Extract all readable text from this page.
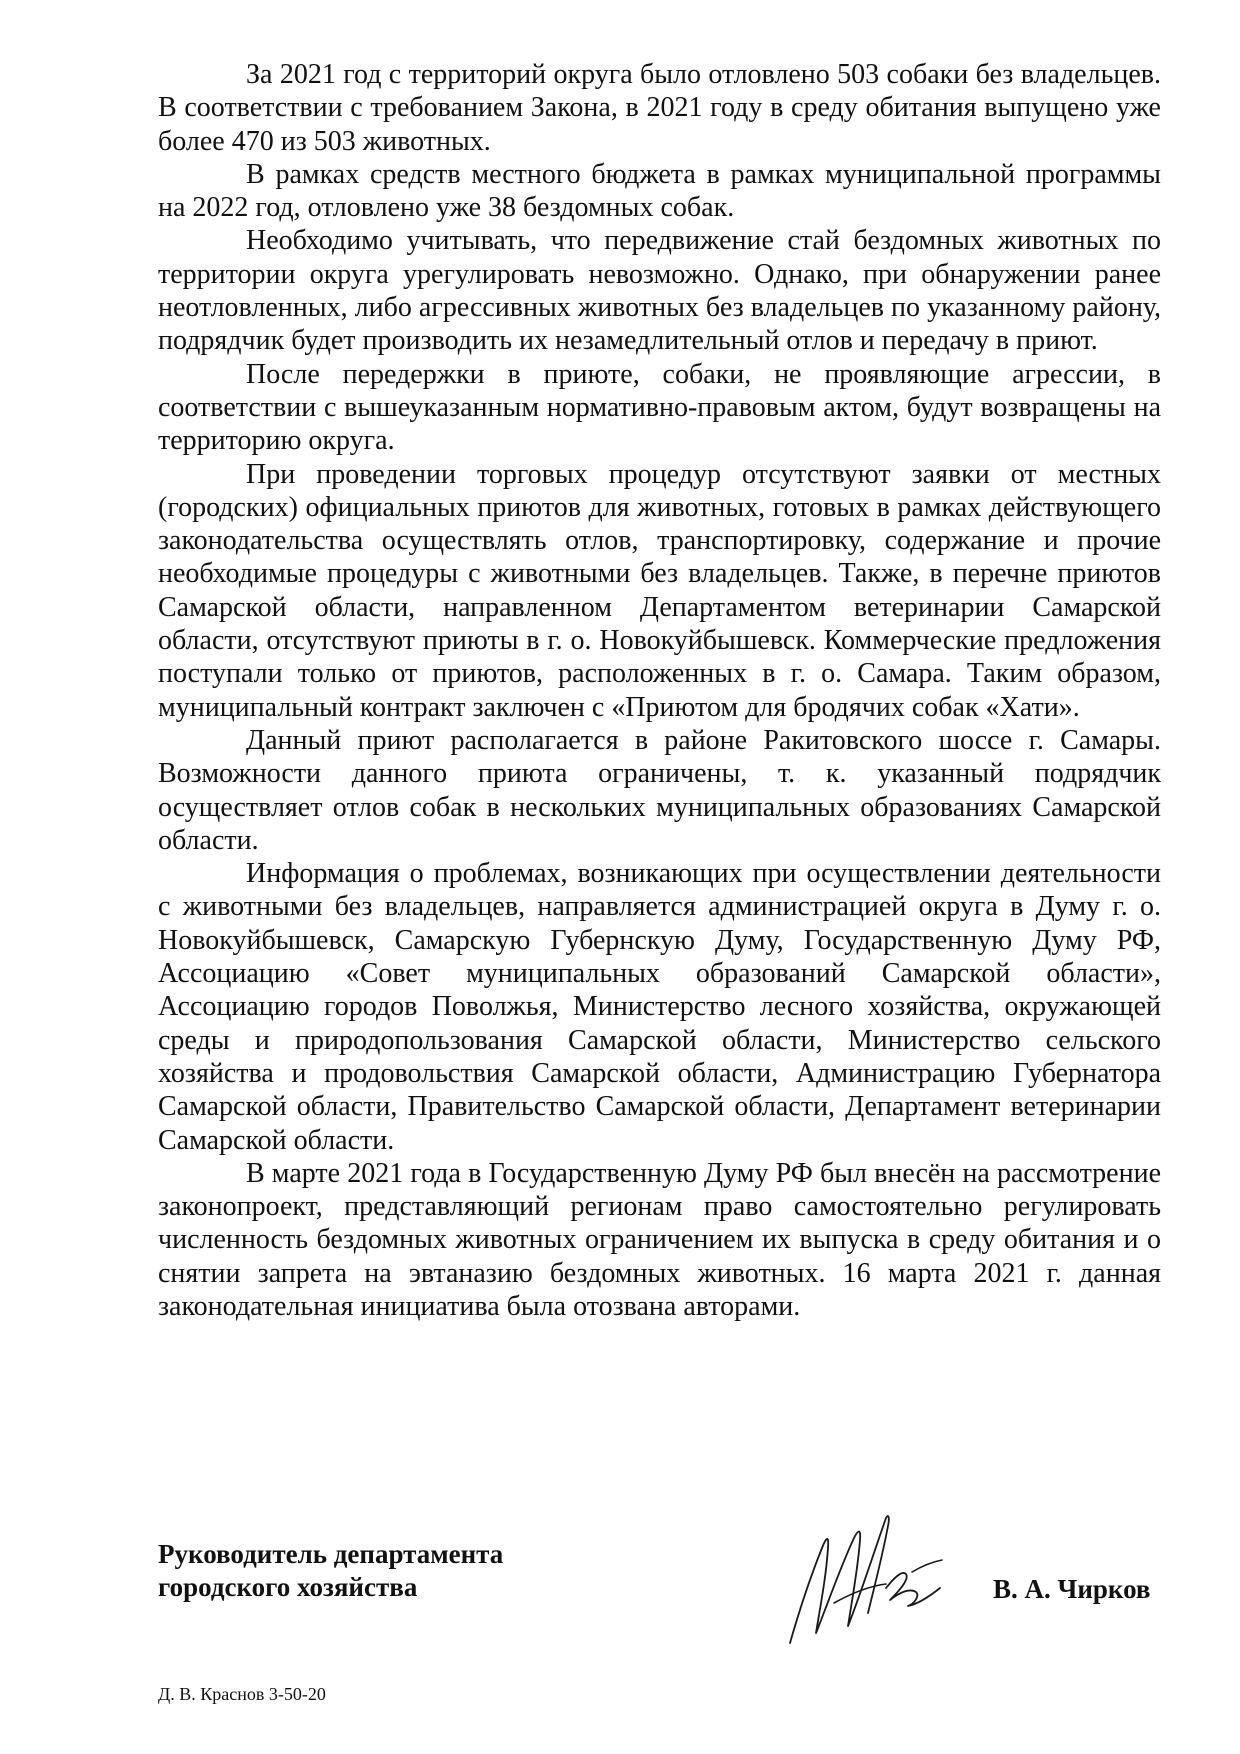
За 2021 год с территорий округа было отловлено 503 собаки без владельцев. В соответствии с требованием Закона, в 2021 году в среду обитания выпущено уже более 470 из 503 животных.

В рамках средств местного бюджета в рамках муниципальной программы на 2022 год, отловлено уже 38 бездомных собак.

Необходимо учитывать, что передвижение стай бездомных животных по территории округа урегулировать невозможно. Однако, при обнаружении ранее неотловленных, либо агрессивных животных без владельцев по указанному району, подрядчик будет производить их незамедлительный отлов и передачу в приют.

После передержки в приюте, собаки, не проявляющие агрессии, в соответствии с вышеуказанным нормативно-правовым актом, будут возвращены на территорию округа.

При проведении торговых процедур отсутствуют заявки от местных (городских) официальных приютов для животных, готовых в рамках действующего законодательства осуществлять отлов, транспортировку, содержание и прочие необходимые процедуры с животными без владельцев. Также, в перечне приютов Самарской области, направленном Департаментом ветеринарии Самарской области, отсутствуют приюты в г. о. Новокуйбышевск. Коммерческие предложения поступали только от приютов, расположенных в г. о. Самара. Таким образом, муниципальный контракт заключен с «Приютом для бродячих собак «Хати».

Данный приют располагается в районе Ракитовского шоссе г. Самары. Возможности данного приюта ограничены, т. к. указанный подрядчик осуществляет отлов собак в нескольких муниципальных образованиях Самарской области.

Информация о проблемах, возникающих при осуществлении деятельности с животными без владельцев, направляется администрацией округа в Думу г. о. Новокуйбышевск, Самарскую Губернскую Думу, Государственную Думу РФ, Ассоциацию «Совет муниципальных образований Самарской области», Ассоциацию городов Поволжья, Министерство лесного хозяйства, окружающей среды и природопользования Самарской области, Министерство сельского хозяйства и продовольствия Самарской области, Администрацию Губернатора Самарской области, Правительство Самарской области, Департамент ветеринарии Самарской области.

В марте 2021 года в Государственную Думу РФ был внесён на рассмотрение законопроект, представляющий регионам право самостоятельно регулировать численность бездомных животных ограничением их выпуска в среду обитания и о снятии запрета на эвтаназию бездомных животных. 16 марта 2021 г. данная законодательная инициатива была отозвана авторами.

Руководитель департамента
городского хозяйства	В. А. Чирков
Д. В. Краснов 3-50-20
